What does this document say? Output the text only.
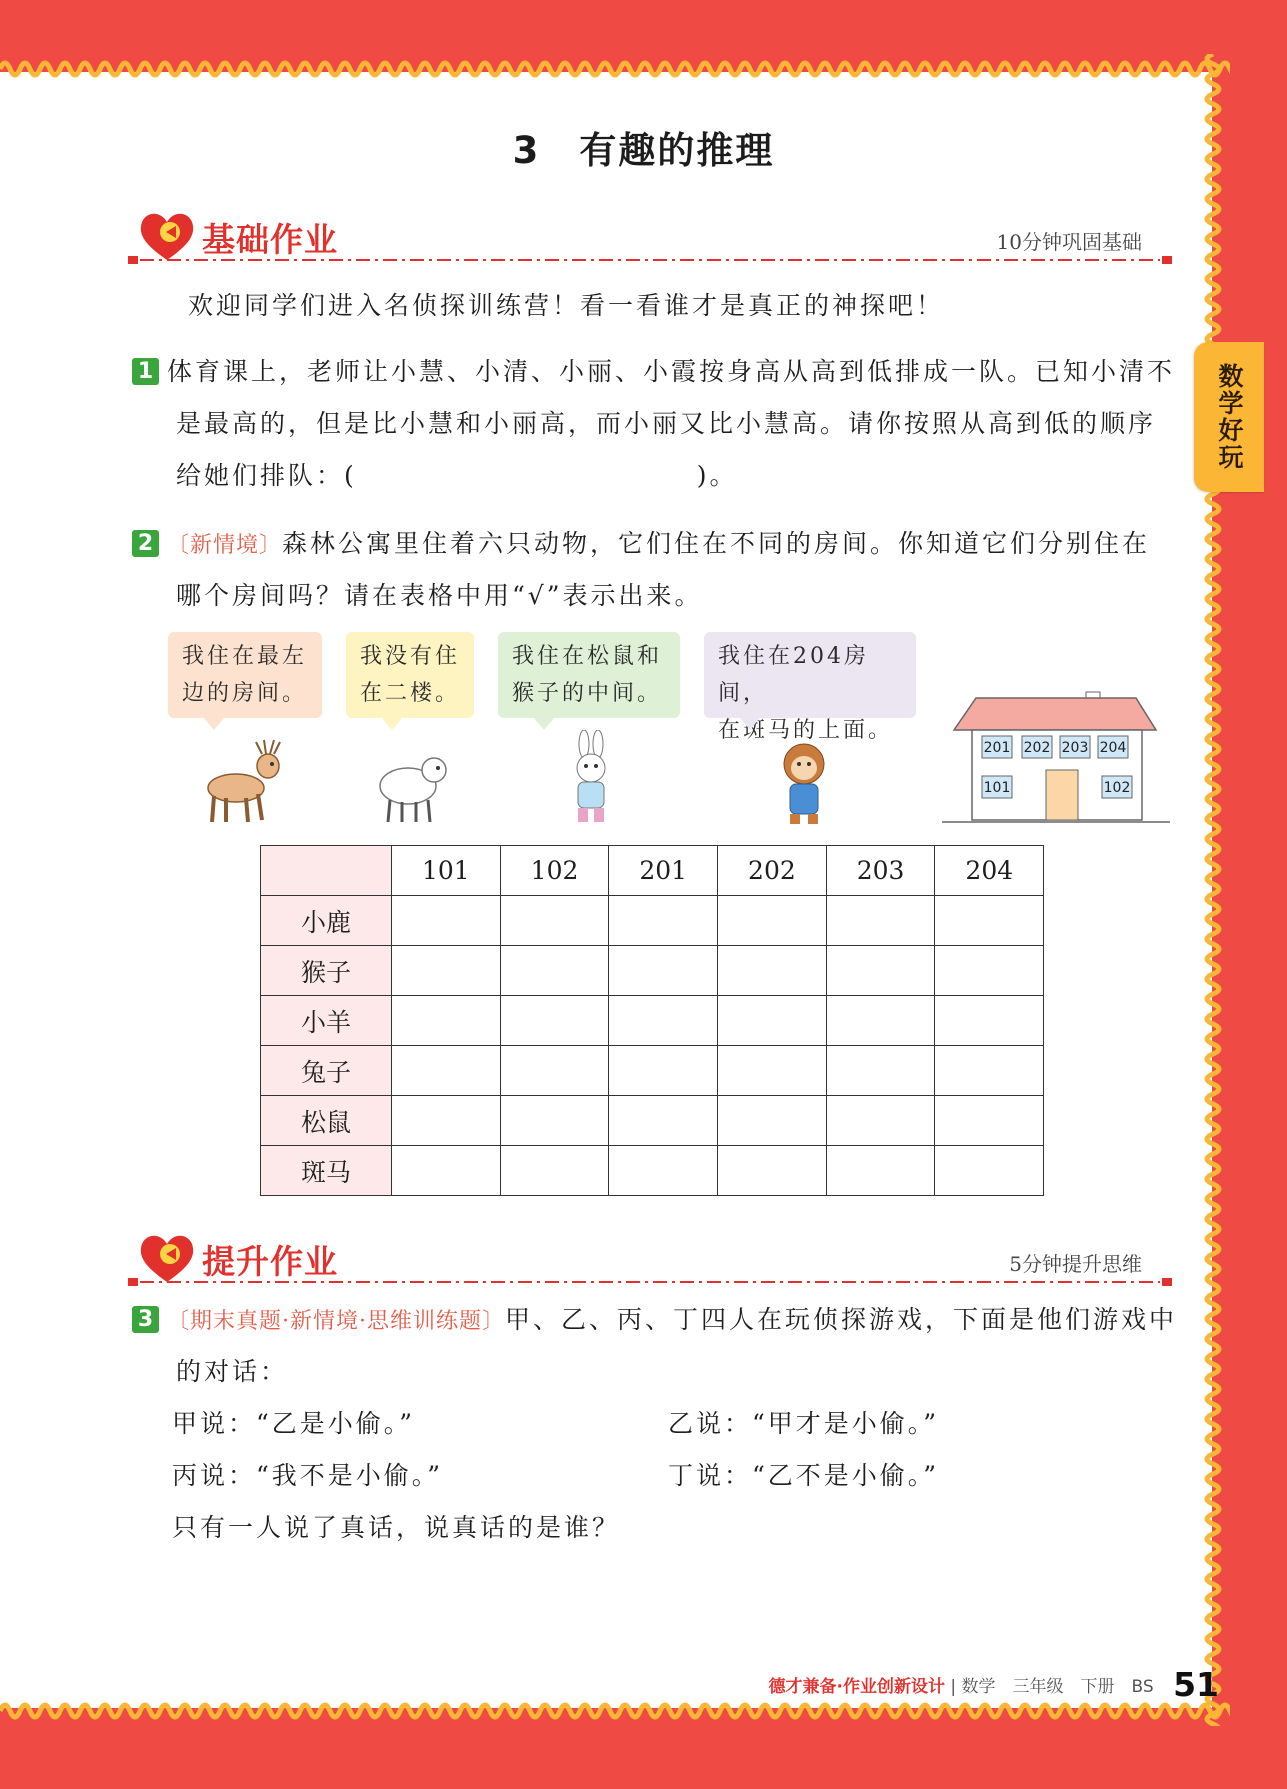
数学好玩
3　有趣的推理
基础作业	10分钟巩固基础
欢迎同学们进入名侦探训练营！看一看谁才是真正的神探吧！
1 体育课上，老师让小慧、小清、小丽、小霞按身高从高到低排成一队。已知小清不
是最高的，但是比小慧和小丽高，而小丽又比小慧高。请你按照从高到低的顺序
给她们排队：(	)。
2 〔新情境〕森林公寓里住着六只动物，它们住在不同的房间。你知道它们分别住在
哪个房间吗？请在表格中用“√”表示出来。
我住在最左
边的房间。
我没有住
在二楼。
我住在松鼠和
猴子的中间。
我住在204房间，
在斑马的上面。
201 202 203 204
101	102
	101	102	201	202	203	204
小鹿						
猴子						
小羊						
兔子						
松鼠						
斑马						
提升作业	5分钟提升思维
3 〔期末真题·新情境·思维训练题〕甲、乙、丙、丁四人在玩侦探游戏，下面是他们游戏中
的对话：
甲说：“乙是小偷。”	乙说：“甲才是小偷。”
丙说：“我不是小偷。”	丁说：“乙不是小偷。”
只有一人说了真话，说真话的是谁？
德才兼备·作业创新设计 | 数学　三年级　下册　BS 51
